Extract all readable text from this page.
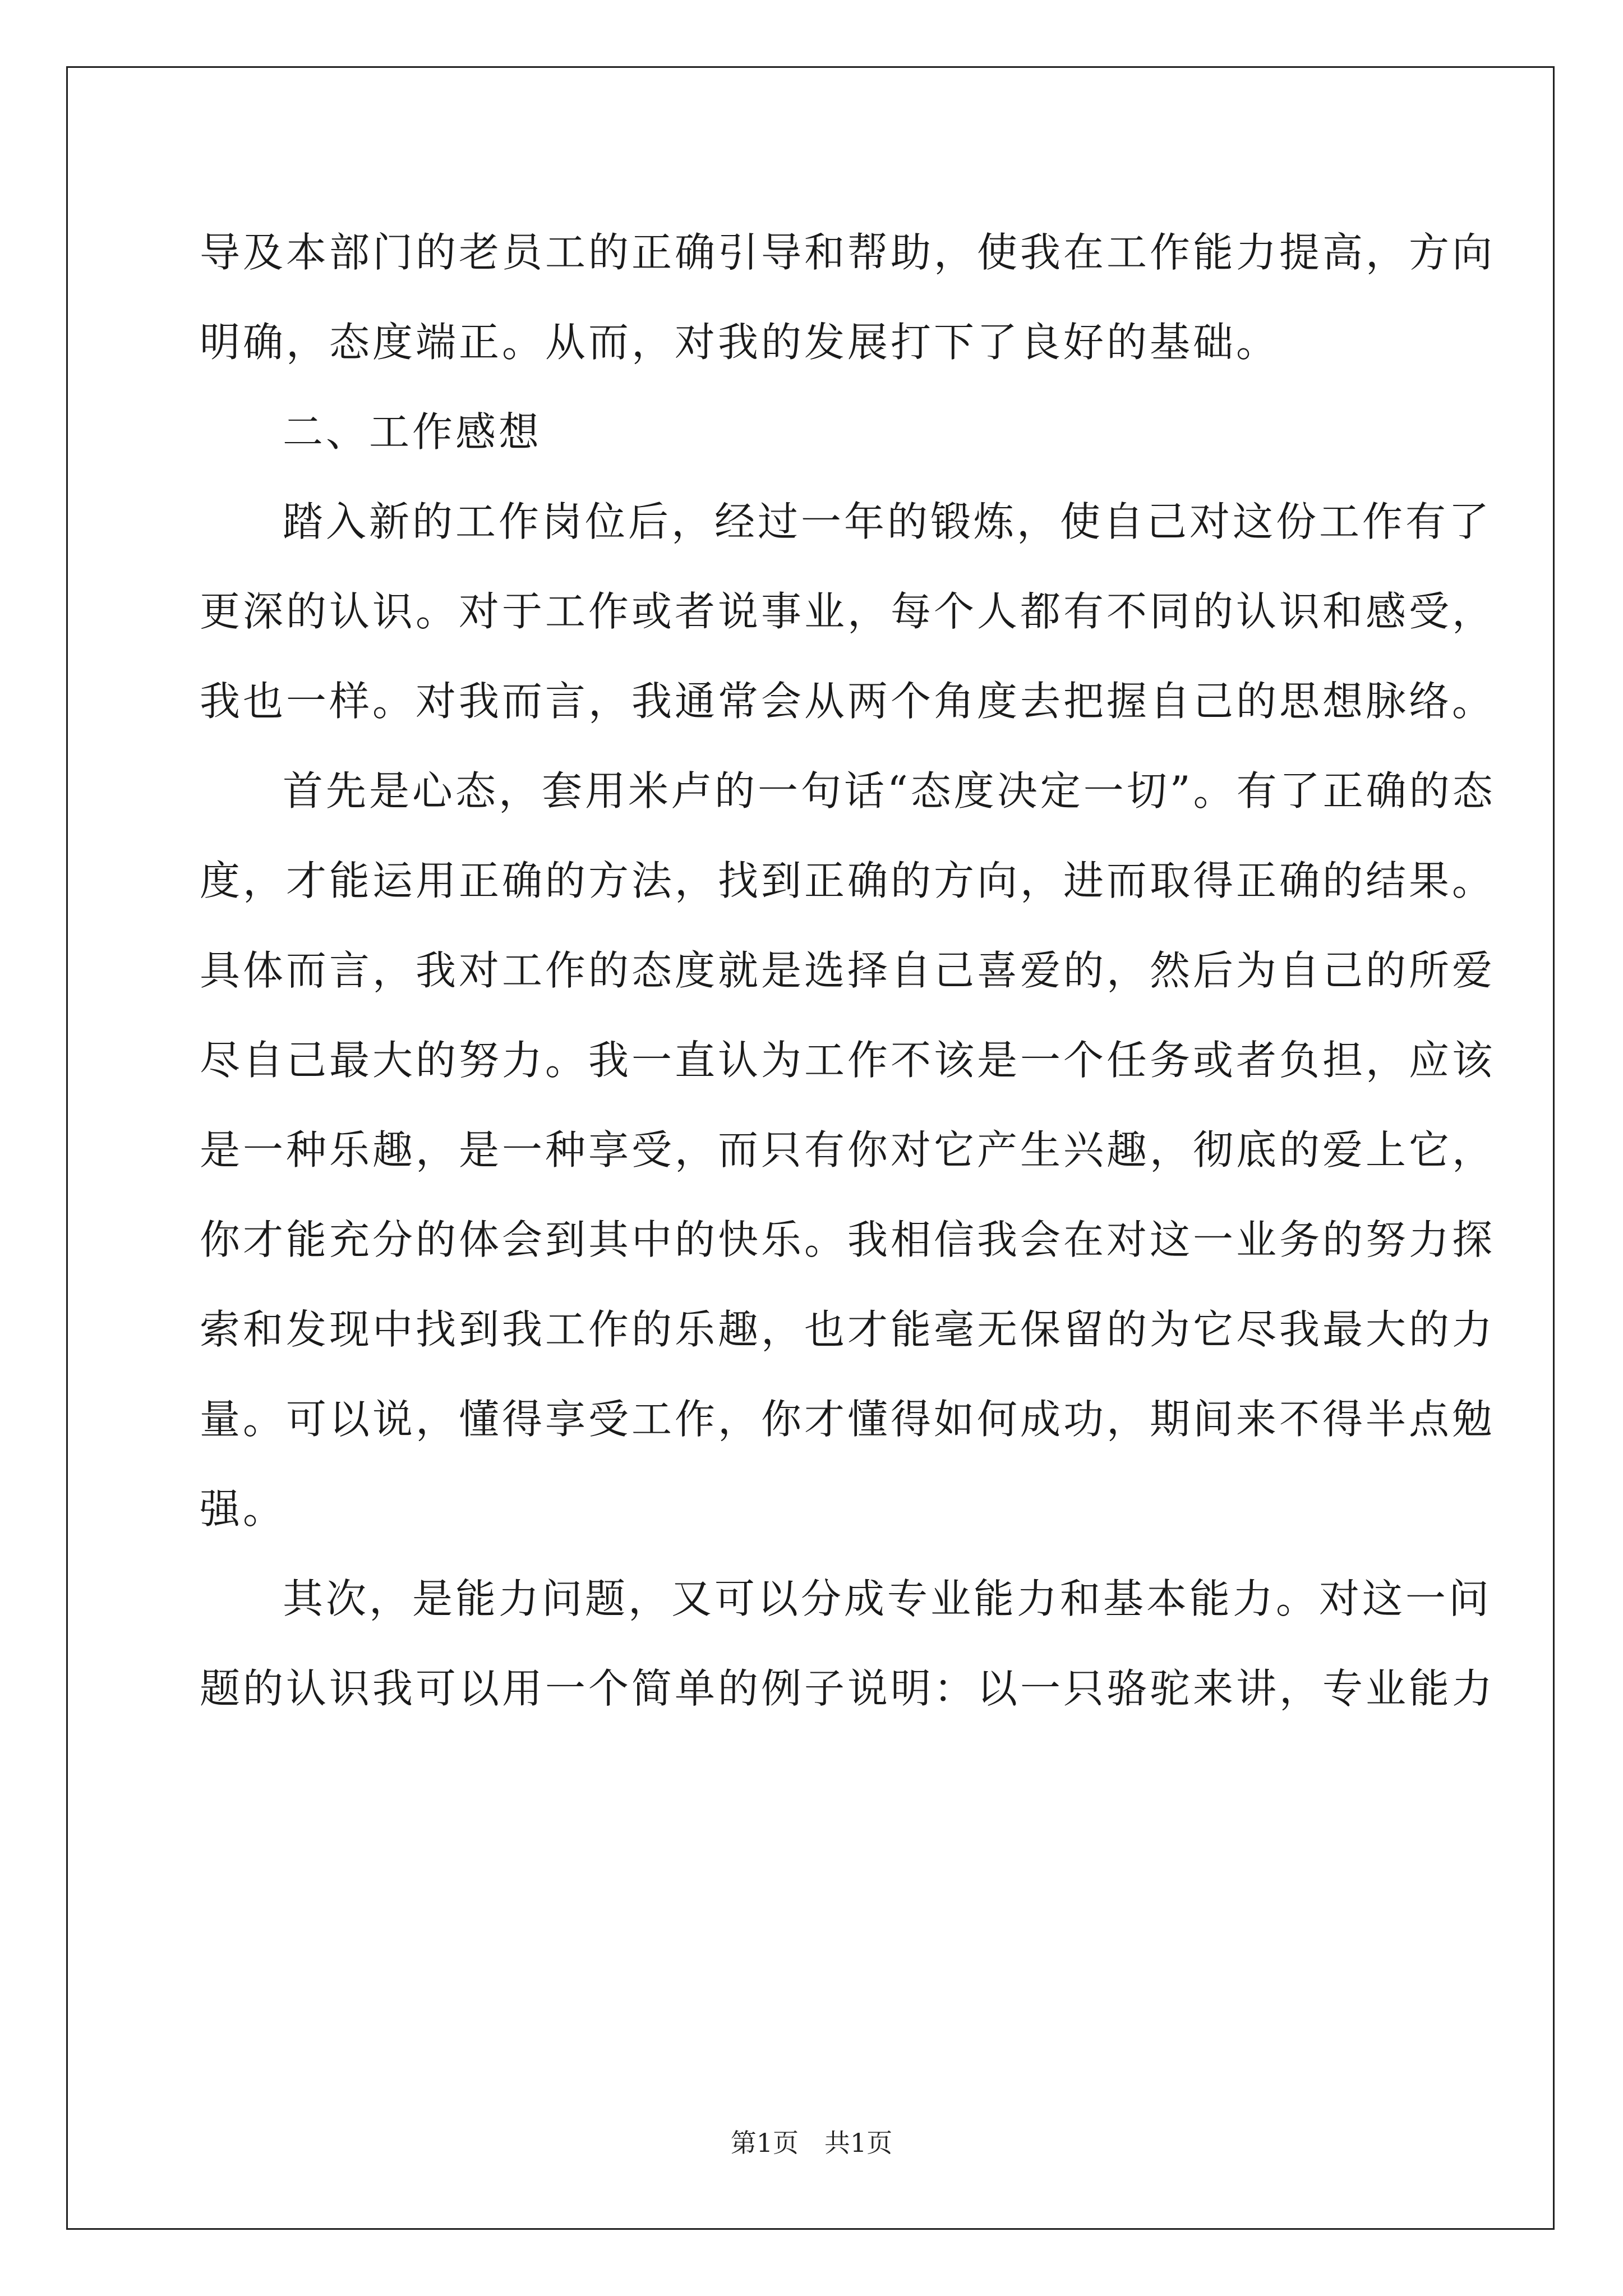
导及本部门的老员工的正确引导和帮助，使我在工作能力提高，方向
明确，态度端正。从而，对我的发展打下了良好的基础。
二、工作感想
踏入新的工作岗位后，经过一年的锻炼，使自己对这份工作有了
更深的认识。对于工作或者说事业，每个人都有不同的认识和感受，
我也一样。对我而言，我通常会从两个角度去把握自己的思想脉络。
首先是心态，套用米卢的一句话“态度决定一切”。有了正确的态
度，才能运用正确的方法，找到正确的方向，进而取得正确的结果。
具体而言，我对工作的态度就是选择自己喜爱的，然后为自己的所爱
尽自己最大的努力。我一直认为工作不该是一个任务或者负担，应该
是一种乐趣，是一种享受，而只有你对它产生兴趣，彻底的爱上它，
你才能充分的体会到其中的快乐。我相信我会在对这一业务的努力探
索和发现中找到我工作的乐趣，也才能毫无保留的为它尽我最大的力
量。可以说，懂得享受工作，你才懂得如何成功，期间来不得半点勉
强。
其次，是能力问题，又可以分成专业能力和基本能力。对这一问
题的认识我可以用一个简单的例子说明：以一只骆驼来讲，专业能力
第1页　共1页
